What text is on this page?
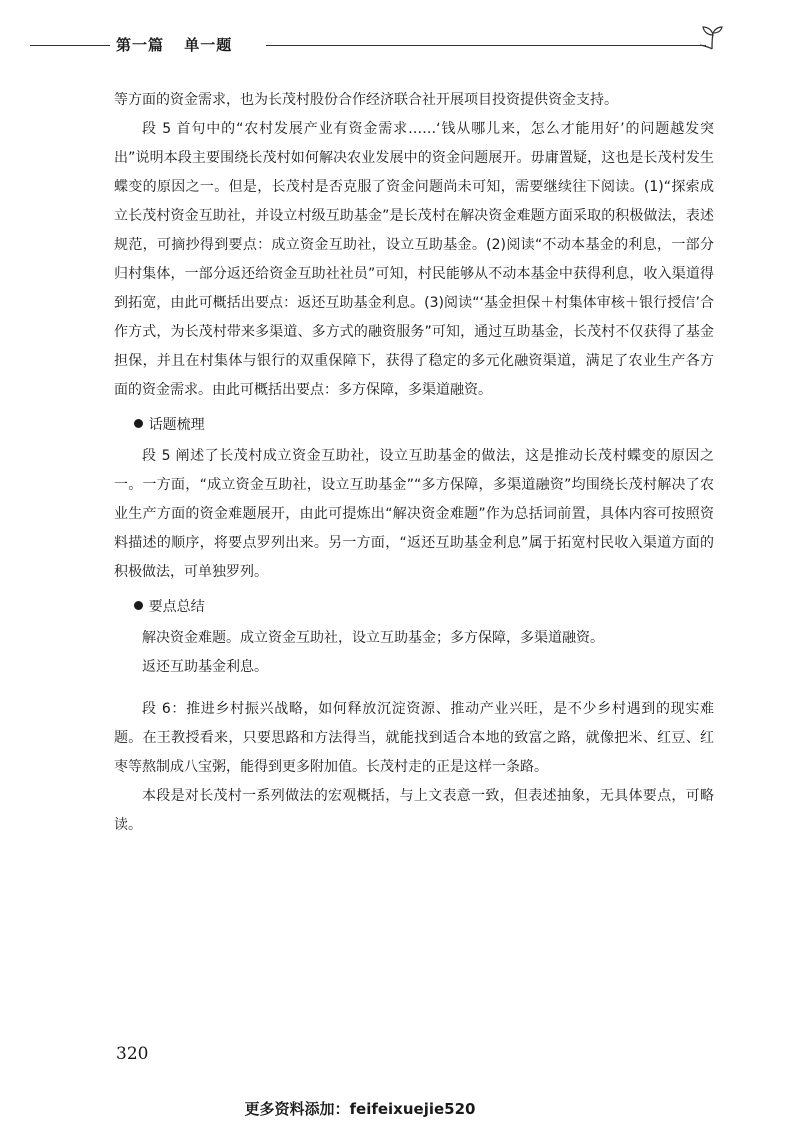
第一篇 单一题

等方面的资金需求，也为长茂村股份合作经济联合社开展项目投资提供资金支持。

段 5 首句中的“农村发展产业有资金需求……‘钱从哪儿来，怎么才能用好’的问题越发突出”说明本段主要围绕长茂村如何解决农业发展中的资金问题展开。毋庸置疑，这也是长茂村发生蝶变的原因之一。但是，长茂村是否克服了资金问题尚未可知，需要继续往下阅读。(1)“探索成立长茂村资金互助社，并设立村级互助基金”是长茂村在解决资金难题方面采取的积极做法，表述规范，可摘抄得到要点：成立资金互助社，设立互助基金。(2)阅读“不动本基金的利息，一部分归村集体，一部分返还给资金互助社社员”可知，村民能够从不动本基金中获得利息，收入渠道得到拓宽，由此可概括出要点：返还互助基金利息。(3)阅读“‘基金担保＋村集体审核＋银行授信’合作方式，为长茂村带来多渠道、多方式的融资服务”可知，通过互助基金，长茂村不仅获得了基金担保，并且在村集体与银行的双重保障下，获得了稳定的多元化融资渠道，满足了农业生产各方面的资金需求。由此可概括出要点：多方保障，多渠道融资。

话题梳理

段 5 阐述了长茂村成立资金互助社，设立互助基金的做法，这是推动长茂村蝶变的原因之一。一方面，“成立资金互助社，设立互助基金”“多方保障，多渠道融资”均围绕长茂村解决了农业生产方面的资金难题展开，由此可提炼出“解决资金难题”作为总括词前置，具体内容可按照资料描述的顺序，将要点罗列出来。另一方面，“返还互助基金利息”属于拓宽村民收入渠道方面的积极做法，可单独罗列。

要点总结

解决资金难题。成立资金互助社，设立互助基金；多方保障，多渠道融资。

返还互助基金利息。

段 6：推进乡村振兴战略，如何释放沉淀资源、推动产业兴旺，是不少乡村遇到的现实难题。在王教授看来，只要思路和方法得当，就能找到适合本地的致富之路，就像把米、红豆、红枣等熬制成八宝粥，能得到更多附加值。长茂村走的正是这样一条路。

本段是对长茂村一系列做法的宏观概括，与上文表意一致，但表述抽象，无具体要点，可略读。

320
更多资料添加：feifeixuejie520
